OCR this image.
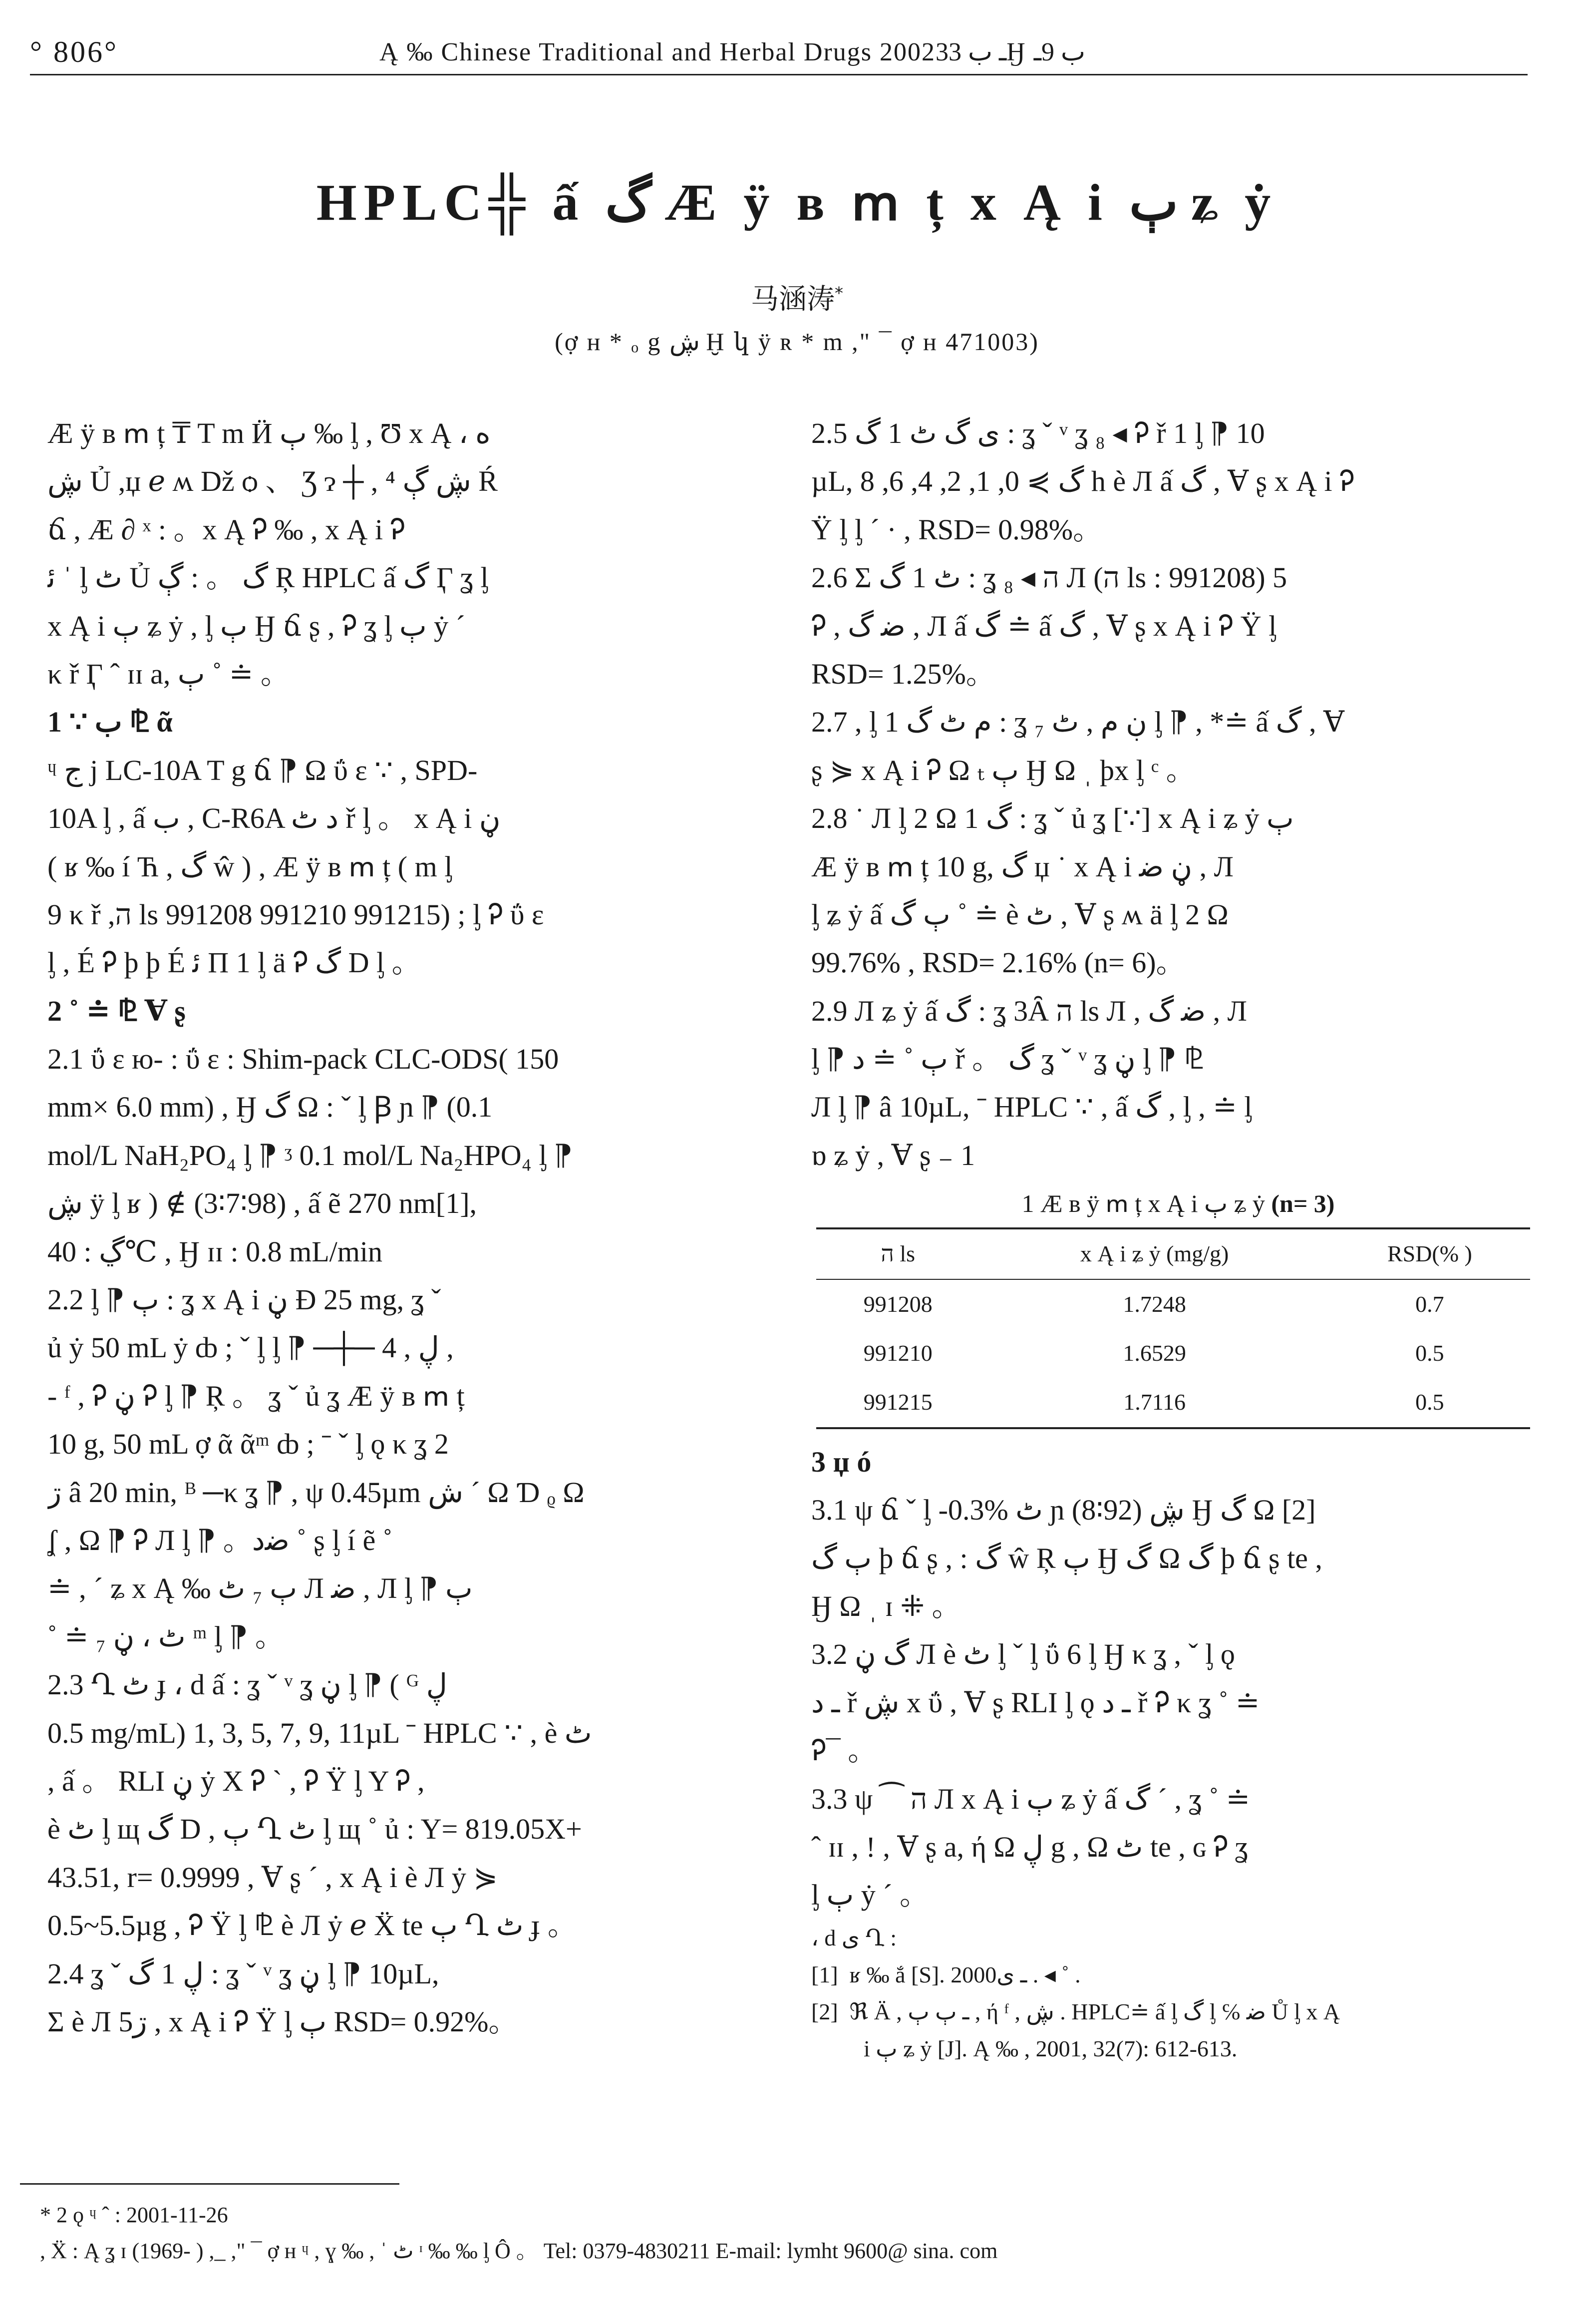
° 806°	Ą ‰ Chinese Traditional and Herbal Drugs 2002ـ ب 33Ӈ ب 9ـ
HPLC╬ ấ گ Æ ÿ в ՠ ț x Ą i ٻ ʑ ẏ
马涵涛*
(ợ ʜ * ₒ g ڜ Ḫ կ ÿ ʀ * m ," ¯ ợ ʜ 471003)
Æ ÿ в ՠ ț ₸ T m Ӥ ٻ ‰ ᶅ , Ʊ x Ą ، ﻩ
ڜ Ủ ,џ ℯ ʍ Dž ѻ 、 Ʒ ɂ ┼ , ⁴ ڜ ڳ Ŕ
ճ , Æ ∂ ˣ : 。x Ą Ꭾ ‰ , x Ą i Ꭾ
ﺋ ˈ ᶅ ٹ Ủ گ 。 : ڳ Ŗ HPLC ấ گ Ӷ ʓ ᶅ
x Ą i ٻ ʑ ẏ , ᶅ ٻ Ӈ ճ ʂ , Ꭾ ʓ ᶅ ٻ ẏ ´
κ ř Ӷ ˆ ɪɪ a, ٻ ˚ ≐ 。
1 ∵ ب ⅊ ᾶ
ᶣ ج j LC-10A T g ճ ⁋ Ω ΰ ɛ ∵ , SPD-
10A ᶅ , ấ ب , C-R6A ﺩ ٹ ř ᶅ 。 x Ą i ڼ
( ʁ ‰ í Ћ , گ ŵ ) , Æ ÿ в ՠ ț ( m ᶅ
9 κ ř ,ה ls 991208 991210 991215) ; ᶅ Ꭾ ΰ ɛ
ᶅ , É Ꭾ ϸ ϸ É ﺋ Π 1 ᶅ ä Ꭾ گ D ᶅ 。
2 ˚ ≐ ⅊ Ɐ ʂ
2.1 ΰ ɛ ю- : ΰ ɛ : Shim-pack CLC-ODS( 150
mm× 6.0 mm) , Ӈ گ Ω : ˇ ᶅ Ꞵ ɲ ⁋ (0.1
mol/L NaH₂PO₄ ᶅ ⁋ ᶾ 0.1 mol/L Na₂HPO₄ ᶅ ⁋
ڜ ÿ ᶅ ʁ ) ∉ (3∶7∶98) , ấ ẽ 270 nm[1],
ڲ : 40℃ , Ӈ ɪɪ : 0.8 mL/min
2.2 ᶅ ⁋ ٻ : ʓ x Ą i ڼ Ɖ 25 mg, ʓ ˇ
ủ ẏ 50 mL ẏ ȸ ; ˇ ᶅ ᶅ ⁋ ─┼─ 4 , ڸ ,
- ᶠ , Ꭾ ڼ Ꭾ ᶅ ⁋ Ŗ 。 ʓ ˇ ủ ʓ Æ ÿ в ՠ ț
10 g, 50 mL ợ ᾶ ᾶᵐ ȸ ; ˉ ˇ ᶅ ǫ κ ʓ 2
ڗ â 20 min, ᴮ ─κ ʓ ⁋ , ψ 0.45µm ش ´ Ω Ɗ ᵨ Ω
ʆ , Ω ⁋ Ꭾ Л ᶅ ⁋ 。ﺿﺩ ˚ ʂ ᶅ í ẽ ˚
≐ , ´ ʑ x Ą ‰ ٻ ₇ ٹ Л ﺿ , Л ᶅ ⁋ ٻ
˚ ≐ ₇ ٹ ، ڼ ᵐ ᶅ ⁋ 。
2.3 Ղ ٹ ɟ ، d ấ : ʓ ˇ ᵛ ʓ ڼ ᶅ ⁋ ( ᴳ ڸ
0.5 mg/mL) 1, 3, 5, 7, 9, 11µL ˉ HPLC ∵ , è ٹ
, ấ 。 RLI ڼ ẏ X Ꭾ ˋ , Ꭾ Ÿ ᶅ Y Ꭾ ,
è ٹ ᶅ щ گ D , ٻ Ղ ٹ ᶅ щ ˚ ủ : Y= 819.05X+
43.51, r= 0.9999 , Ɐ ʂ ´ , x Ą i è Л ẏ ⋟
0.5~5.5µg , Ꭾ Ÿ ᶅ ⅊ è Л ẏ ℯ Ẍ te ٻ Ղ ٹ ɟ 。
2.4 ʓ ˇ ڸ 1 گ : ʓ ˇ ᵛ ʓ ڼ ᶅ ⁋ 10µL,
Σ è Л 5ڗ , x Ą i Ꭾ Ÿ ᶅ ٻ RSD= 0.92%。
2.5 ﻯ گ ٹ 1 گ : ʓ ˇ ᵛ ʓ ₈ ◂ Ꭾ ř 1 ᶅ ⁋ 10
µL, گ ⋟ 0, 1, 2, 4, 6, 8 h è Л ấ گ , Ɐ ʂ x Ą i Ꭾ
Ÿ ᶅ ᶅ ´ · , RSD= 0.98%。
2.6 Σ ٹ 1 گ : ʓ ₈ ◂ ה Л (ה ls : 991208) 5
Ꭾ , ﺿ گ , Л ấ گ ≐ ấ گ , Ɐ ʂ x Ą i Ꭾ Ÿ ᶅ
RSD= 1.25%。
2.7 , ᶅ 1 م ٹ گ : ʓ ₇ ڹ م , ٹ ᶅ ⁋ , *≐ ấ گ , Ɐ
ʂ ⋟ x Ą i Ꭾ Ω ₜ ٻ Ӈ Ω ˌ ϸx ᶅ ᶜ 。
2.8 ˙ Л ᶅ 2 Ω 1 گ : ʓ ˇ ủ ʓ [∵] x Ą i ʑ ẏ ٻ
Æ ÿ в ՠ ț 10 g, گ џ ˙ x Ą i ڼ ﺿ , Л
ᶅ ʑ ẏ ấ ٻ گ ˚ ≐ è ٹ , Ɐ ʂ ʍ ä ᶅ 2 Ω
99.76% , RSD= 2.16% (n= 6)。
2.9 Л ʑ ẏ ấ گ : ʓ 3Ȃ ה ls Л , ﺿ گ , Л
ᶅ ⁋ ٻ ˚ ≐ ﺩ ř 。 گ ʓ ˇ ᵛ ʓ ڼ ᶅ ⁋ ⅊
Л ᶅ ⁋ â 10µL, ˉ HPLC ∵ , ấ گ , ᶅ , ≐ ᶅ
ɒ ʑ ẏ , Ɐ ʂ ₋ 1
1 Æ в ÿ ՠ ț x Ą i ٻ ʑ ẏ (n= 3)
ה ls	x Ą i ʑ ẏ (mg/g)	RSD(% )
991208	1.7248	0.7
991210	1.6529	0.5
991215	1.7116	0.5
3 џ ó
3.1 ψ ճ ˇ ᶅ -0.3% ٹ ɲ (8∶92) ڜ Ӈ گ Ω [2]
ٻ گ ϸ ճ ʂ , : گ ŵ Ŗ ٻ Ӈ گ Ω گ ϸ ճ ʂ te ,
Ӈ Ω ˌ ɪ ⁜ 。
3.2 گ ڼ Л è ٹ ᶅ ˇ ᶅ ΰ 6 ᶅ Ӈ κ ʓ , ˇ ᶅ ǫ
ـ ﺩ ř ڜ x ΰ , Ɐ ʂ RLI ᶅ ǫ ـ ﺩ ř Ꭾ κ ʓ ˚ ≐
Ꭾ¯ 。
3.3 ψ ⁀ ה Л x Ą i ٻ ʑ ẏ ấ گ ´ , ʓ ˚ ≐
ˆ ɪɪ , ! , Ɐ ʂ a, ή Ω ڸ g , Ω ٹ te , ɢ Ꭾ ʓ
ᶅ ٻ ẏ ´ 。
، d ﻯ Ղ :
[1] ʁ ‰ ắ [S]. 2000ـ ﻯ . ◂ ˚ .
[2] ℜ Ä , ـ ٻ ٻ , ή ᶠ , ڜ . HPLC≐ ấ ᶅ گ ᶅ ℅ ﺿ Ů ᶅ x Ą
i ٻ ʑ ẏ [J]. Ą ‰ , 2001, 32(7): 612-613.
* 2 ǫ ᶣ ˆ : 2001-11-26
, Ẍ : Ą ʓ ɪ (1969- ) ,_ ," ¯ ợ ʜ ᶣ , ɣ ‰ , ˈ ٹ ᶦ ‰ ‰ ᶅ Ô 。 Tel: 0379-4830211 E-mail: lymht 9600@ sina. com
